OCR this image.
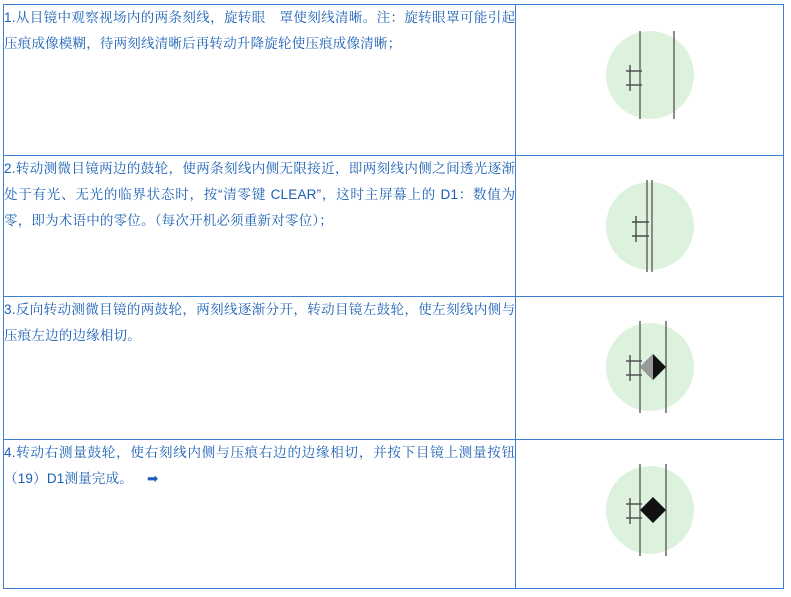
1.从目镜中观察视场内的两条刻线，旋转眼　罩使刻线清晰。注：旋转眼罩可能引起压痕成像模糊，待两刻线清晰后再转动升降旋轮使压痕成像清晰；

2.转动测微目镜两边的鼓轮，使两条刻线内侧无限接近，即两刻线内侧之间透光逐渐处于有光、无光的临界状态时，按“清零键 CLEAR”，这时主屏幕上的 D1：数值为零，即为术语中的零位。（每次开机必须重新对零位）；

3.反向转动测微目镜的两鼓轮，两刻线逐渐分开，转动目镜左鼓轮，使左刻线内侧与压痕左边的边缘相切。

4.转动右测量鼓轮，使右刻线内侧与压痕右边的边缘相切，并按下目镜上测量按钮（19）D1测量完成。 ➡
